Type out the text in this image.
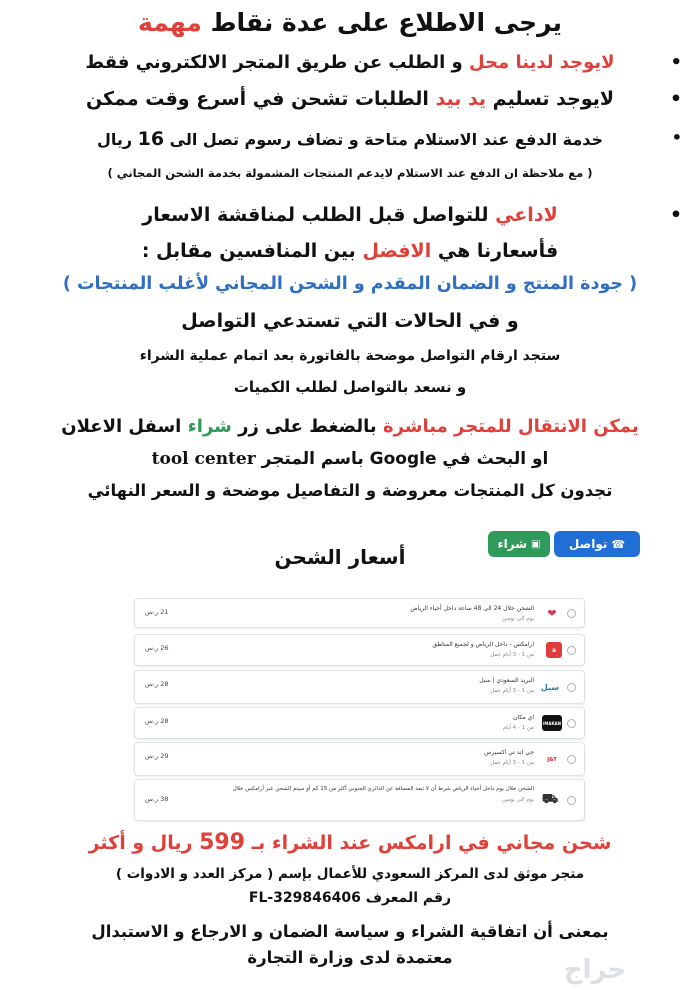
يرجى الاطلاع على عدة نقاط مهمة
• لايوجد لدينا محل و الطلب عن طريق المتجر الالكتروني فقط
• لايوجد تسليم يد بيد الطلبات تشحن في أسرع وقت ممكن
• خدمة الدفع عند الاستلام متاحة و تضاف رسوم تصل الى 16 ريال
( مع ملاحظة ان الدفع عند الاستلام لايدعم المنتجات المشمولة بخدمة الشحن المجاني )
• لاداعي للتواصل قبل الطلب لمناقشة الاسعار
فأسعارنا هي الافضل بين المنافسين مقابل :
( جودة المنتج و الضمان المقدم و الشحن المجاني لأغلب المنتجات )
و في الحالات التي تستدعي التواصل
ستجد ارقام التواصل موضحة بالفاتورة بعد اتمام عملية الشراء
و نسعد بالتواصل لطلب الكميات
يمكن الانتقال للمتجر مباشرة بالضغط على زر شراء اسفل الاعلان
او البحث في Google باسم المتجر tool center
تجدون كل المنتجات معروضة و التفاصيل موضحة و السعر النهائي
☎
تواصل
▣
شراء
أسعار الشحن
❤
الشحن خلال 24 الى 48 ساعة داخل أحياء الرياض
يوم الى يومين
21 ر.س
a
ارامكس - داخل الرياض و لجميع المناطق
من 1 - 3 أيام عمل
26 ر.س
سبل
البريد السعودي | سبل
من 1 - 3 أيام عمل
28 ر.س
iMAKAN
اي مكان
من 1 - 4 أيام
28 ر.س
J&T
جي اند تي اكسبرس
من 1 - 3 أيام عمل
29 ر.س
⛟
الشحن خلال يوم داخل أحياء الرياض شرط أن لا تبعد المسافة عن الدائري الجنوبي أكثر من 15 كم أو سيتم الشحن عبر أرامكس خلال
يوم الى يومين
38 ر.س
شحن مجاني في ارامكس عند الشراء بـ 599 ريال و أكثر
متجر موثق لدى المركز السعودي للأعمال بإسم ( مركز العدد و الادوات )
رقم المعرف FL-329846406
بمعنى أن اتفاقية الشراء و سياسة الضمان و الارجاع و الاستبدال
معتمدة لدى وزارة التجارة	حراج
